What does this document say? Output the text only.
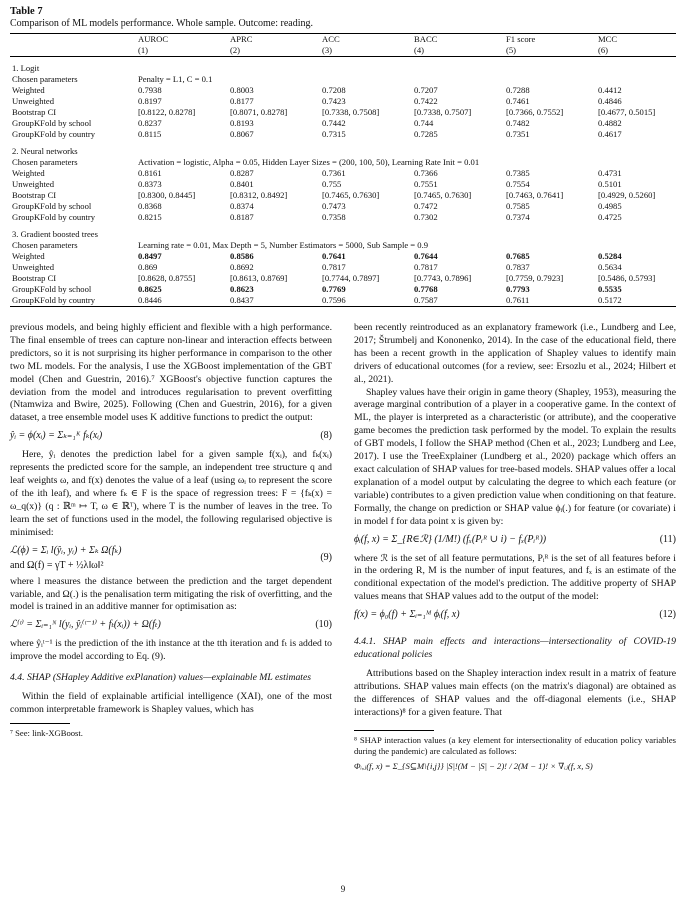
Table 7
Comparison of ML models performance. Whole sample. Outcome: reading.
	AUROC	APRC	ACC	BACC	F1 score	MCC
	(1)	(2)	(3)	(4)	(5)	(6)
1. Logit						
Chosen parameters	Penalty = L1, C = 0.1					
Weighted	0.7938	0.8003	0.7208	0.7207	0.7288	0.4412
Unweighted	0.8197	0.8177	0.7423	0.7422	0.7461	0.4846
Bootstrap CI	[0.8122, 0.8278]	[0.8071, 0.8278]	[0.7338, 0.7508]	[0.7338, 0.7507]	[0.7366, 0.7552]	[0.4677, 0.5015]
GroupKFold by school	0.8237	0.8193	0.7442	0.744	0.7482	0.4882
GroupKFold by country	0.8115	0.8067	0.7315	0.7285	0.7351	0.4617
2. Neural networks						
Chosen parameters	Activation = logistic, Alpha = 0.05, Hidden Layer Sizes = (200, 100, 50), Learning Rate Init = 0.01					
Weighted	0.8161	0.8287	0.7361	0.7366	0.7385	0.4731
Unweighted	0.8373	0.8401	0.755	0.7551	0.7554	0.5101
Bootstrap CI	[0.8300, 0.8445]	[0.8312, 0.8492]	[0.7465, 0.7630]	[0.7465, 0.7630]	[0.7463, 0.7641]	[0.4929, 0.5260]
GroupKFold by school	0.8368	0.8374	0.7473	0.7472	0.7585	0.4985
GroupKFold by country	0.8215	0.8187	0.7358	0.7302	0.7374	0.4725
3. Gradient boosted trees						
Chosen parameters	Learning rate = 0.01, Max Depth = 5, Number Estimators = 5000, Sub Sample = 0.9					
Weighted	0.8497	0.8586	0.7641	0.7644	0.7685	0.5284
Unweighted	0.869	0.8692	0.7817	0.7817	0.7837	0.5634
Bootstrap CI	[0.8628, 0.8755]	[0.8613, 0.8769]	[0.7744, 0.7897]	[0.7743, 0.7896]	[0.7759, 0.7923]	[0.5486, 0.5793]
GroupKFold by school	0.8625	0.8623	0.7769	0.7768	0.7793	0.5535
GroupKFold by country	0.8446	0.8437	0.7596	0.7587	0.7611	0.5172

previous models, and being highly efficient and flexible with a high performance. The final ensemble of trees can capture non-linear and interaction effects between predictors, so it is not surprising its higher performance in comparison to the other two ML models. For the analysis, I use the XGBoost implementation of the GBT model (Chen and Guestrin, 2016).⁷ XGBoost's objective function captures the deviation from the model and introduces regularisation to prevent overfitting (Ntamwiza and Bwire, 2025). Following (Chen and Guestrin, 2016), for a given dataset, a tree ensemble model uses K additive functions to predict the output:

ŷᵢ = ϕ(xᵢ) = Σₖ₌₁ᴷ fₖ(xᵢ)	(8)

Here, ŷᵢ denotes the prediction label for a given sample f(xᵢ), and fₖ(xᵢ) represents the predicted score for the sample, an independent tree structure q and leaf weights ω, and f(x) denotes the value of a leaf (using ωᵢ to represent the score of the ith leaf), and where fₖ ∈ F is the space of regression trees: F = {fₖ(x) = ω_q(x)} (q : ℝᵐ ↦ T, ω ∈ ℝᵀ), where T is the number of leaves in the tree. To learn the set of functions used in the model, the following regularised objective is minimised:

ℒ(ϕ) = Σᵢ l(ŷᵢ, yᵢ) + Σₖ Ω(fₖ)
and Ω(f) = γT + ½λ‖ω‖²
(9)

where l measures the distance between the prediction and the target dependent variable, and Ω(.) is the penalisation term mitigating the risk of overfitting, and the model is trained in an additive manner for optimisation as:

ℒ⁽ᵗ⁾ = Σᵢ₌₁ᴺ l(yᵢ, ŷᵢ⁽ᵗ⁻¹⁾ + fₜ(xᵢ)) + Ω(fₜ)	(10)

where ŷᵢᵗ⁻¹ is the prediction of the ith instance at the tth iteration and fₜ is added to improve the model according to Eq. (9).

4.4. SHAP (SHapley Additive exPlanation) values—explainable ML estimates

Within the field of explainable artificial intelligence (XAI), one of the most common interpretable framework is Shapley values, which has

⁷ See: link-XGBoost.

been recently reintroduced as an explanatory framework (i.e., Lundberg and Lee, 2017; Štrumbelj and Kononenko, 2014). In the case of the educational field, there has been a recent growth in the application of Shapley values to identify main drivers of educational outcomes (for a review, see: Ersozlu et al., 2024; Hilbert et al., 2021).

Shapley values have their origin in game theory (Shapley, 1953), measuring the average marginal contribution of a player in a cooperative game. In the context of ML, the player is interpreted as a characteristic (or attribute), and the cooperative game becomes the prediction task performed by the model. To explain the results of GBT models, I follow the SHAP method (Chen et al., 2023; Lundberg and Lee, 2017). I use the TreeExplainer (Lundberg et al., 2020) package which offers an exact calculation of SHAP values for tree-based models. SHAP values offer a local explanation of a model output by calculating the degree to which each feature (or variable) contributes to a given prediction value when conditioning on that feature. Formally, the change on prediction or SHAP value ϕᵢ(.) for feature (or covariate) i in model f for data point x is given by:

ϕᵢ(f, x) = Σ_{R∈ℛ} (1/M!) (fₓ(Pᵢᴿ ∪ i) − fₓ(Pᵢᴿ))	(11)

where ℛ is the set of all feature permutations, Pᵢᴿ is the set of all features before i in the ordering R, M is the number of input features, and fₓ is an estimate of the conditional expectation of the model's prediction. The additive property of SHAP values means that SHAP values add to the output of the model:

f(x) = ϕ₀(f) + Σᵢ₌₁ᴹ ϕᵢ(f, x)	(12)
4.4.1. SHAP main effects and interactions—intersectionality of COVID-19 educational policies

Attributions based on the Shapley interaction index result in a matrix of feature attributions. SHAP values main effects (on the matrix's diagonal) are obtained as the differences of SHAP values and the off-diagonal elements (i.e., SHAP interactions)⁸ for a given feature. That

⁸ SHAP interaction values (a key element for intersectionality of education policy variables during the pandemic) are calculated as follows:
Φᵢ,ⱼ(f, x) = Σ_{S⊆M\{i,j}} |S|!(M − |S| − 2)! / 2(M − 1)! × ∇ᵢⱼ(f, x, S)
9
